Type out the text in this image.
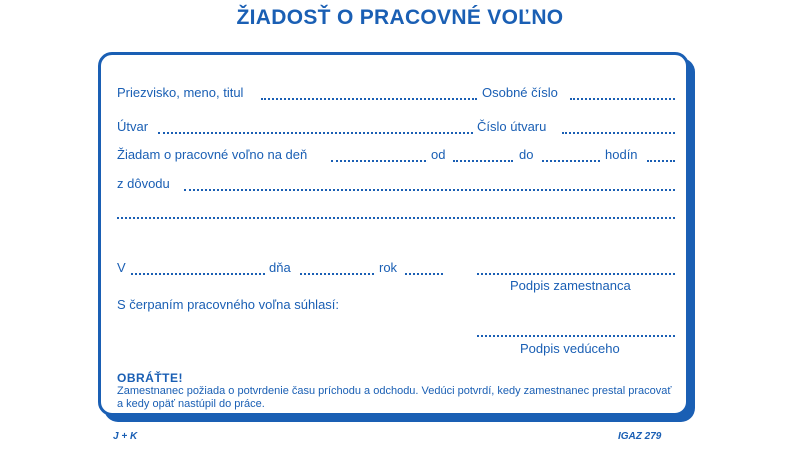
ŽIADOSŤ O PRACOVNÉ VOĽNO
Priezvisko, meno, titul	Osobné číslo
Útvar	Číslo útvaru
Žiadam o pracovné voľno na deň	od	do	hodín
z dôvodu
V	dňa	rok
Podpis zamestnanca
S čerpaním pracovného voľna súhlasí:
Podpis vedúceho
OBRÁŤTE!
Zamestnanec požiada o potvrdenie času príchodu a odchodu. Vedúci potvrdí, kedy zamestnanec prestal pracovať a kedy opäť nastúpil do práce.
J + K	IGAZ 279
